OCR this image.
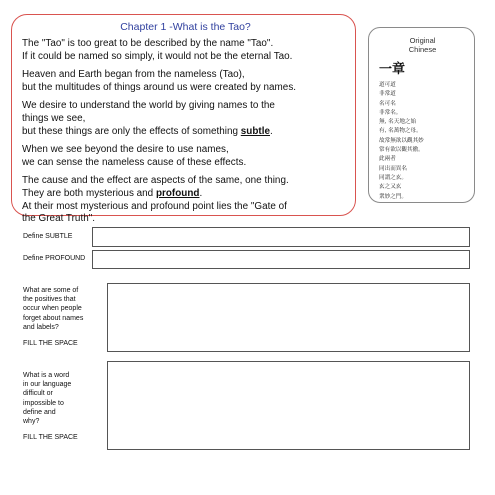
Chapter 1 -What is the Tao?
The "Tao" is too great to be described by the name "Tao".
If it could be named so simply, it would not be the eternal Tao.
Heaven and Earth began from the nameless (Tao),
but the multitudes of things around us were created by names.
We desire to understand the world by giving names to the
things we see,
but these things are only the effects of something subtle.
When we see beyond the desire to use names,
we can sense the nameless cause of these effects.
The cause and the effect are aspects of the same, one thing.
They are both mysterious and profound.
At their most mysterious and profound point lies the "Gate of
the Great Truth".
Original
Chinese
一章
道可道
非常道
名可名
非常名。
無, 名天地之始
有, 名萬物之母。
故常無欲以觀其妙
常有欲以觀其徼。
此兩者
同出而異名
同謂之玄。
玄之又玄
衆妙之門。
Define SUBTLE
Define PROFOUND
What are some of
the positives that
occur when people
forget about names
and labels?
FILL THE SPACE
What is a word
in our language
difficult or
impossible to
define and
why?
FILL THE SPACE
